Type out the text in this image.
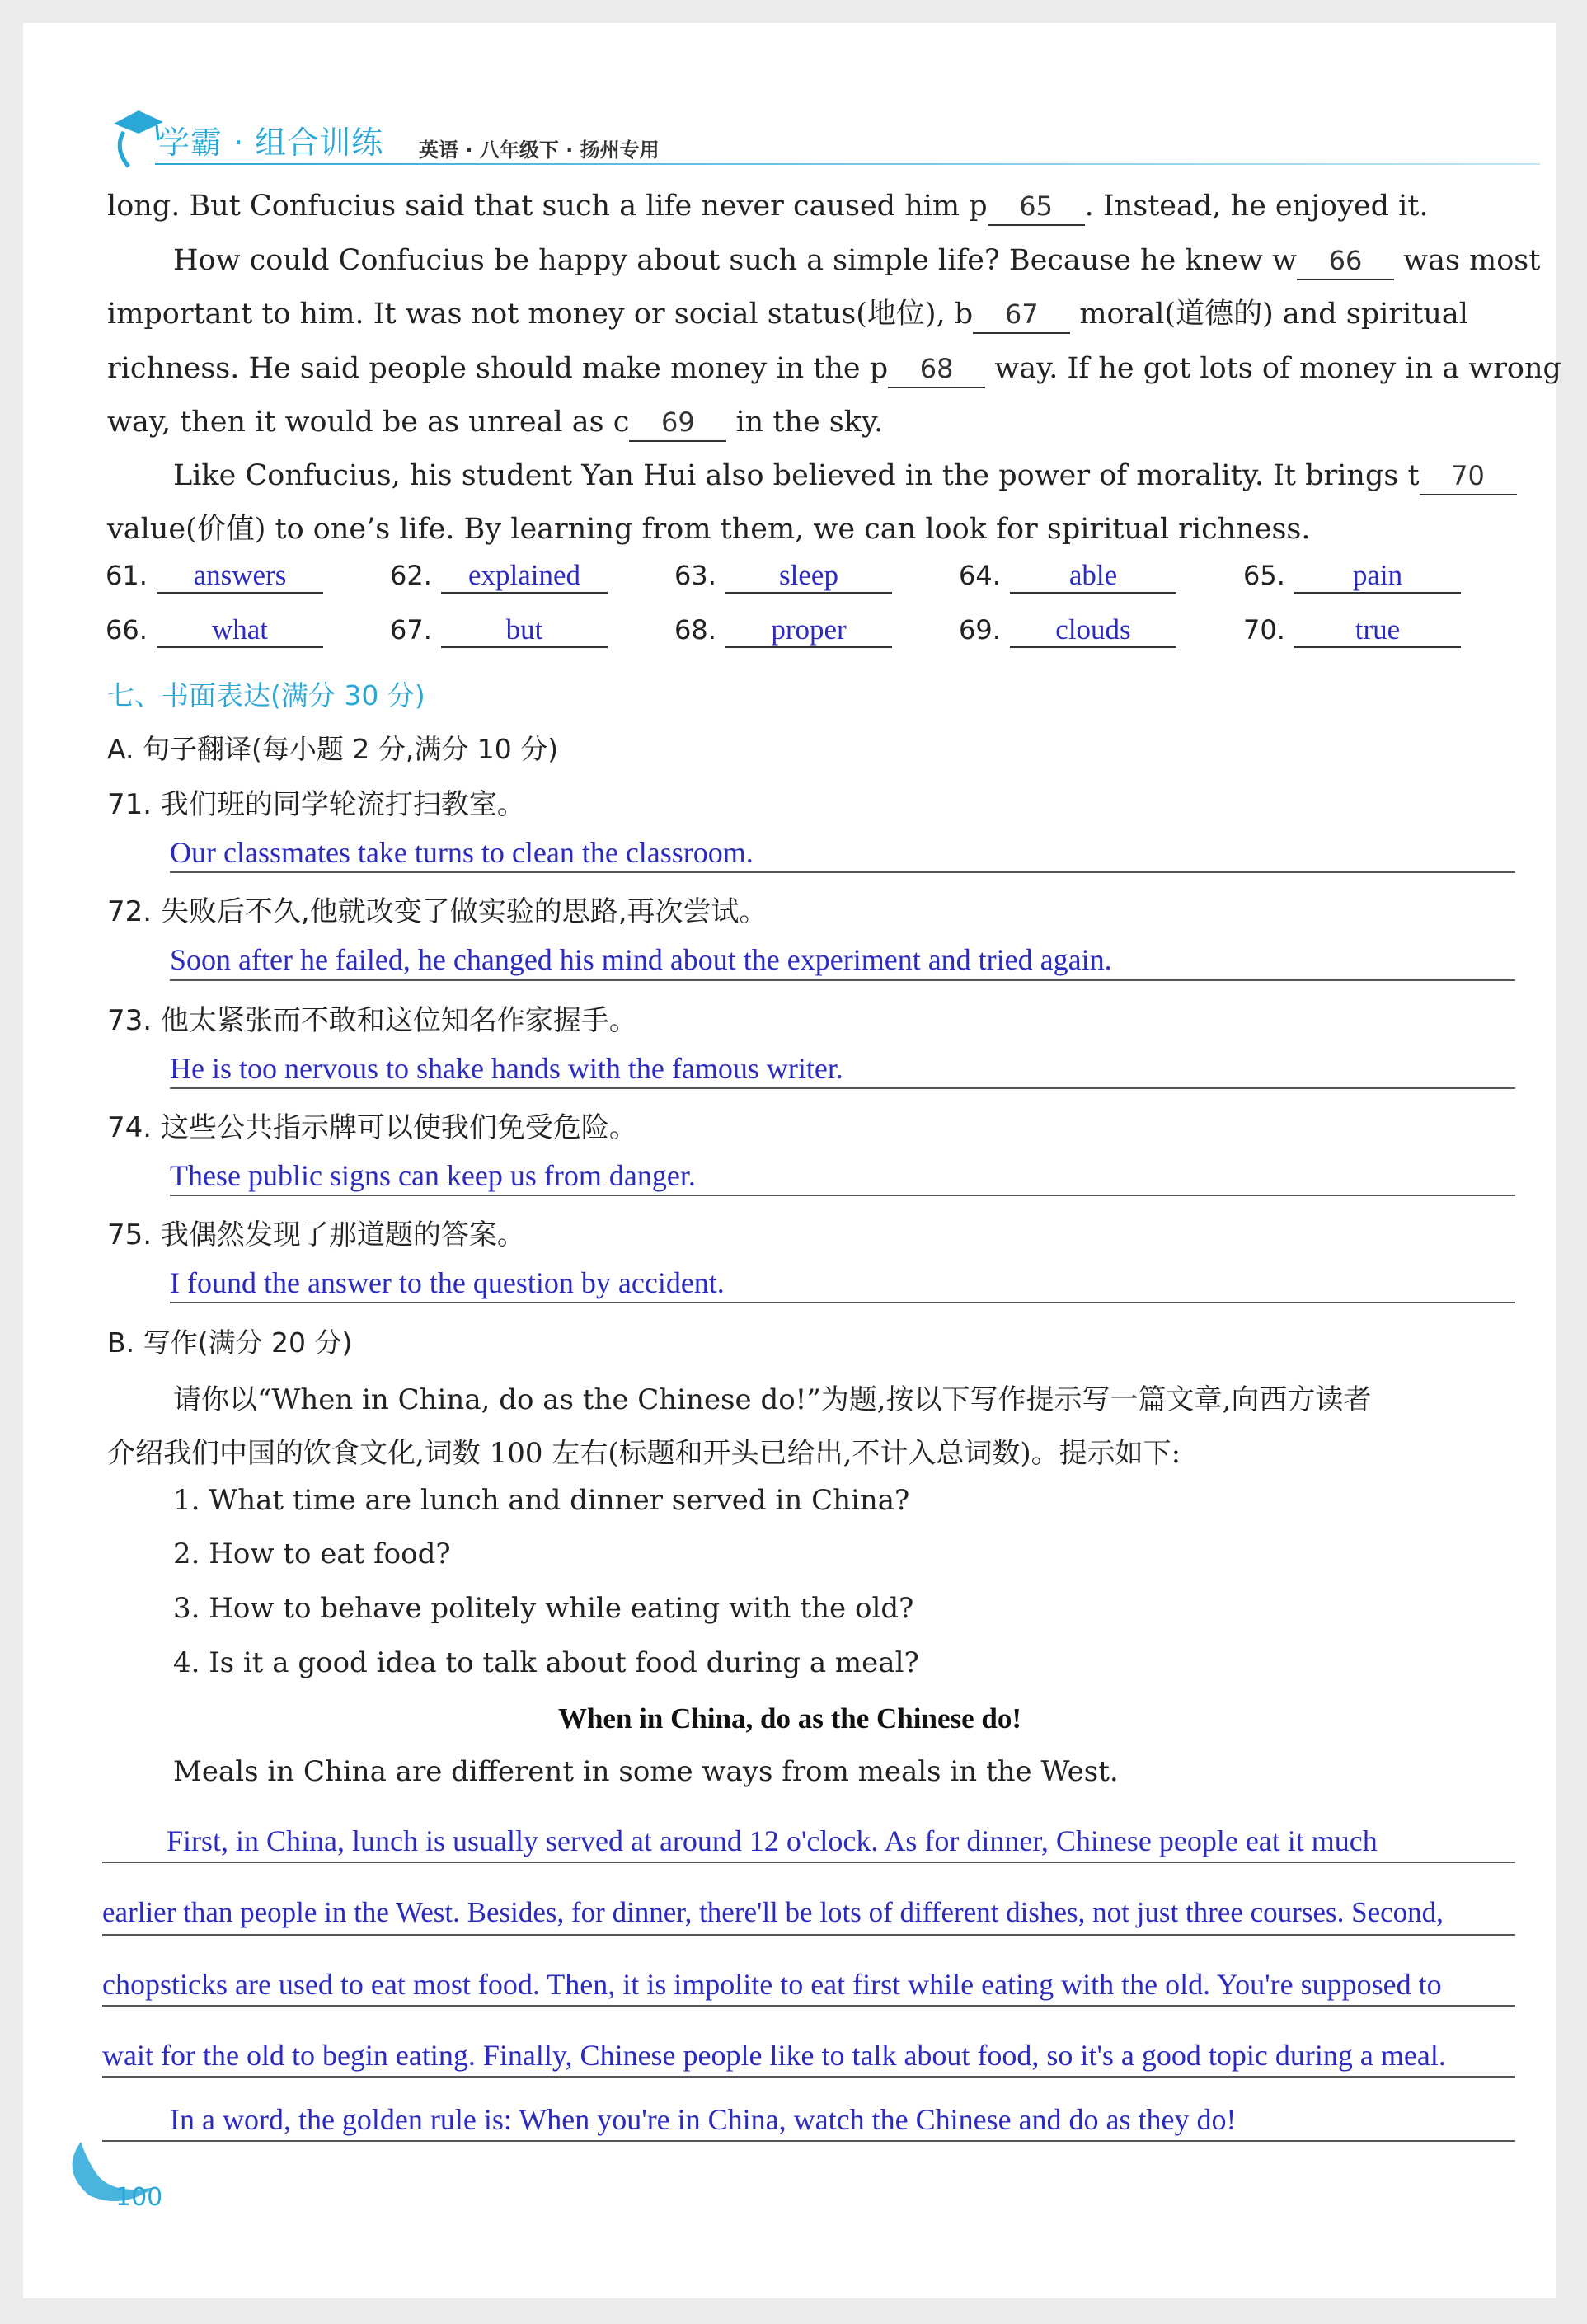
学霸 · 组合训练 英语 · 八年级下 · 扬州专用
long. But Confucius said that such a life never caused him p 65 . Instead, he enjoyed it.
How could Confucius be happy about such a simple life? Because he knew w 66 was most
important to him. It was not money or social status(地位), b 67 moral(道德的) and spiritual
richness. He said people should make money in the p 68 way. If he got lots of money in a wrong
way, then it would be as unreal as c 69 in the sky.
Like Confucius, his student Yan Hui also believed in the power of morality. It brings t 70
value(价值) to one’s life. By learning from them, we can look for spiritual richness.
61. answers	62. explained	63. sleep	64. able	65. pain
66. what	67.	but	68. proper	69. clouds	70. true
七、书面表达(满分 30 分)
A. 句子翻译(每小题 2 分,满分 10 分)
71. 我们班的同学轮流打扫教室。
Our classmates take turns to clean the classroom.
72. 失败后不久,他就改变了做实验的思路,再次尝试。
Soon after he failed, he changed his mind about the experiment and tried again.
73. 他太紧张而不敢和这位知名作家握手。
He is too nervous to shake hands with the famous writer.
74. 这些公共指示牌可以使我们免受危险。
These public signs can keep us from danger.
75. 我偶然发现了那道题的答案。
I found the answer to the question by accident.
B. 写作(满分 20 分)
请你以“When in China, do as the Chinese do!”为题,按以下写作提示写一篇文章,向西方读者
介绍我们中国的饮食文化,词数 100 左右(标题和开头已给出,不计入总词数)。提示如下:
1. What time are lunch and dinner served in China?
2. How to eat food?
3. How to behave politely while eating with the old?
4. Is it a good idea to talk about food during a meal?
When in China, do as the Chinese do!
Meals in China are different in some ways from meals in the West.
First, in China, lunch is usually served at around 12 o'clock. As for dinner, Chinese people eat it much
earlier than people in the West. Besides, for dinner, there'll be lots of different dishes, not just three courses. Second,
chopsticks are used to eat most food. Then, it is impolite to eat first while eating with the old. You're supposed to
wait for the old to begin eating. Finally, Chinese people like to talk about food, so it's a good topic during a meal.
In a word, the golden rule is: When you're in China, watch the Chinese and do as they do!
100
